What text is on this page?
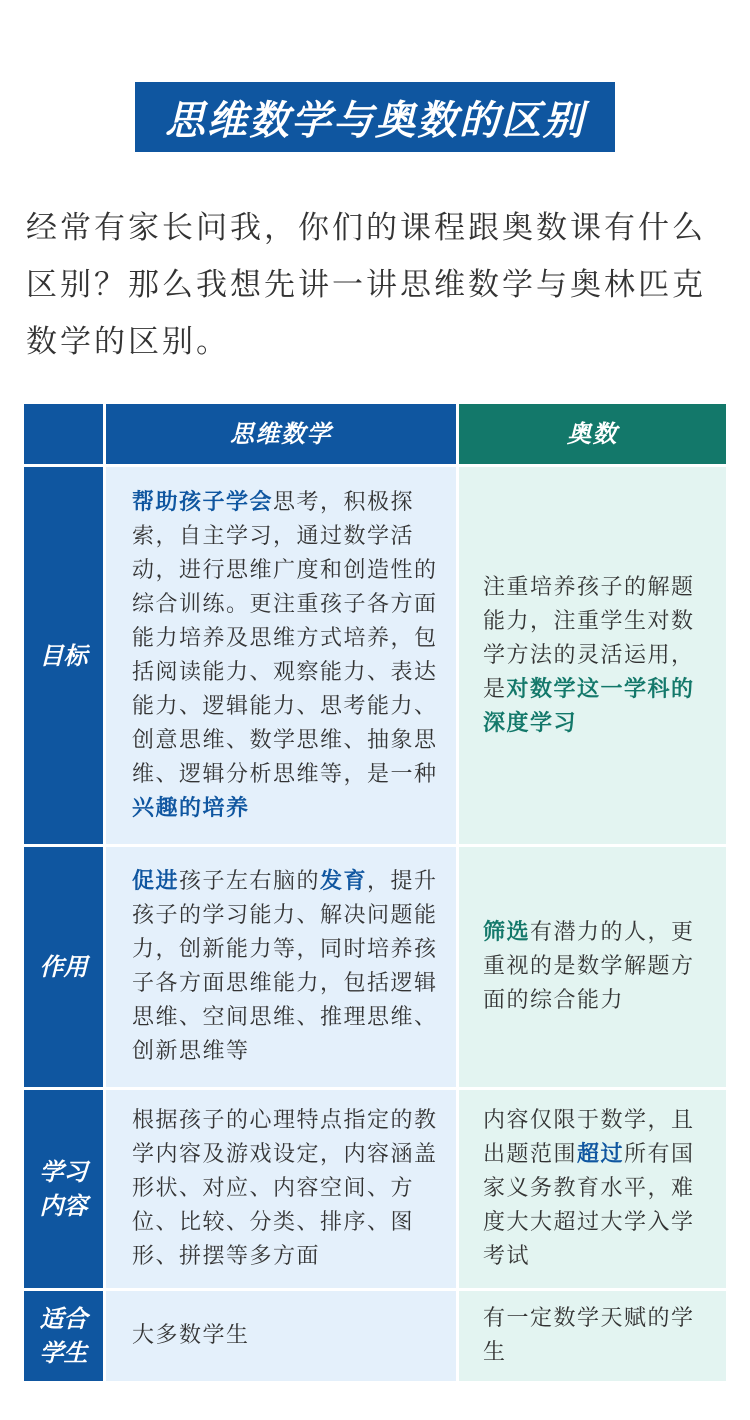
思维数学与奥数的区别

经常有家长问我，你们的课程跟奥数课有什么区别？那么我想先讲一讲思维数学与奥林匹克数学的区别。

思维数学	奥数
目标
帮助孩子学会思考，积极探索，自主学习，通过数学活动，进行思维广度和创造性的综合训练。更注重孩子各方面能力培养及思维方式培养，包括阅读能力、观察能力、表达能力、逻辑能力、思考能力、创意思维、数学思维、抽象思维、逻辑分析思维等，是一种兴趣的培养
注重培养孩子的解题能力，注重学生对数学方法的灵活运用，是对数学这一学科的深度学习
作用
促进孩子左右脑的发育，提升孩子的学习能力、解决问题能力，创新能力等，同时培养孩子各方面思维能力，包括逻辑思维、空间思维、推理思维、创新思维等
筛选有潜力的人，更重视的是数学解题方面的综合能力
学习内容
根据孩子的心理特点指定的教学内容及游戏设定，内容涵盖形状、对应、内容空间、方位、比较、分类、排序、图形、拼摆等多方面
内容仅限于数学，且出题范围超过所有国家义务教育水平，难度大大超过大学入学考试
适合学生
大多数学生
有一定数学天赋的学生
